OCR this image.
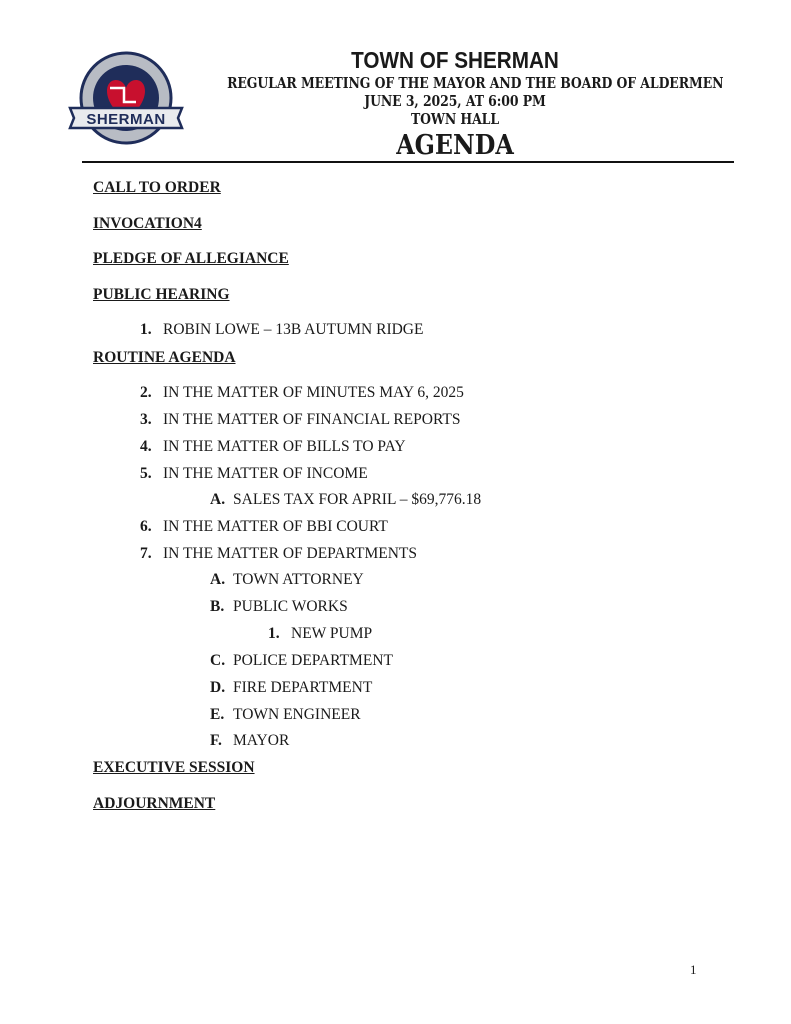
SHERMAN
TOWN OF SHERMAN
REGULAR MEETING OF THE MAYOR AND THE BOARD OF ALDERMEN
JUNE 3, 2025, AT 6:00 PM
TOWN HALL
AGENDA
CALL TO ORDER
INVOCATION4
PLEDGE OF ALLEGIANCE
PUBLIC HEARING
1. ROBIN LOWE – 13B AUTUMN RIDGE
ROUTINE AGENDA
2. IN THE MATTER OF MINUTES MAY 6, 2025
3. IN THE MATTER OF FINANCIAL REPORTS
4. IN THE MATTER OF BILLS TO PAY
5. IN THE MATTER OF INCOME
A. SALES TAX FOR APRIL – $69,776.18
6. IN THE MATTER OF BBI COURT
7. IN THE MATTER OF DEPARTMENTS
A. TOWN ATTORNEY
B. PUBLIC WORKS
1. NEW PUMP
C. POLICE DEPARTMENT
D. FIRE DEPARTMENT
E. TOWN ENGINEER
F. MAYOR
EXECUTIVE SESSION
ADJOURNMENT
1
